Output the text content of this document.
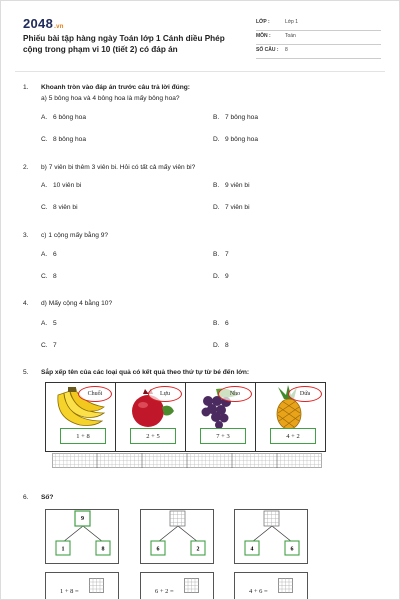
2048.vn
Phiếu bài tập hàng ngày Toán lớp 1 Cánh diều Phép cộng trong phạm vi 10 (tiết 2) có đáp án
LỚP :	Lớp 1
MÔN :	Toán
SỐ CÂU : 8
1. Khoanh tròn vào đáp án trước câu trả lời đúng:
a) 5 bông hoa và 4 bông hoa là mấy bông hoa?
A. 6 bông hoa	B. 7 bông hoa
C. 8 bông hoa	D. 9 bông hoa
2. b) 7 viên bi thêm 3 viên bi. Hỏi có tất cả mấy viên bi?
A. 10 viên bi	B. 9 viên bi
C. 8 viên bi	D. 7 viên bi
3. c) 1 cộng mấy bằng 9?
A. 6	B. 7
C. 8	D. 9
4. d) Mấy cộng 4 bằng 10?
A. 5	B. 6
C. 7	D. 8
5. Sắp xếp tên của các loại quả có kết quả theo thứ tự từ bé đến lớn:
Chuối
1 + 8
Lựu
2 + 5
Nho
7 + 3
Dứa
4 + 2
6. Số?
9
1	8	6	2	4	6
1 + 8 =	6 + 2 =	4 + 6 =
